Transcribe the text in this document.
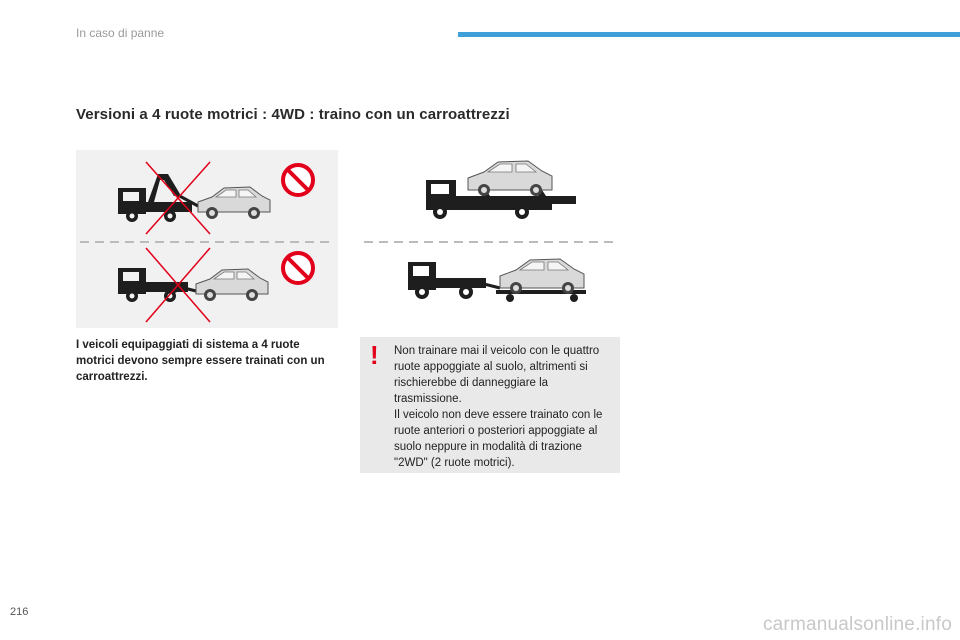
In caso di panne
Versioni a 4 ruote motrici : 4WD : traino con un carroattrezzi
I veicoli equipaggiati di sistema a 4 ruote motrici devono sempre essere trainati con un carroattrezzi.
! Non trainare mai il veicolo con le quattro ruote appoggiate al suolo, altrimenti si rischierebbe di danneggiare la trasmissione.

Il veicolo non deve essere trainato con le ruote anteriori o posteriori appoggiate al suolo neppure in modalità di trazione "2WD" (2 ruote motrici).

216
carmanualsonline.info
